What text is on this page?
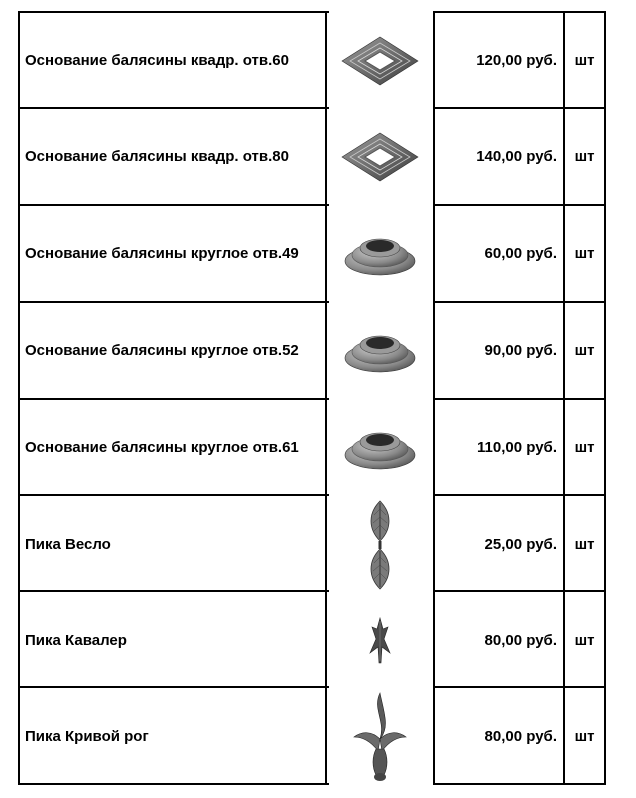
Основание балясины квадр. отв.60	120,00 руб. шт
Основание балясины квадр. отв.80	140,00 руб. шт
Основание балясины круглое отв.49	60,00 руб. шт
Основание балясины круглое отв.52	90,00 руб. шт
Основание балясины круглое отв.61	110,00 руб. шт
Пика Весло	25,00 руб. шт
Пика Кавалер	80,00 руб. шт
Пика Кривой рог	80,00 руб. шт
